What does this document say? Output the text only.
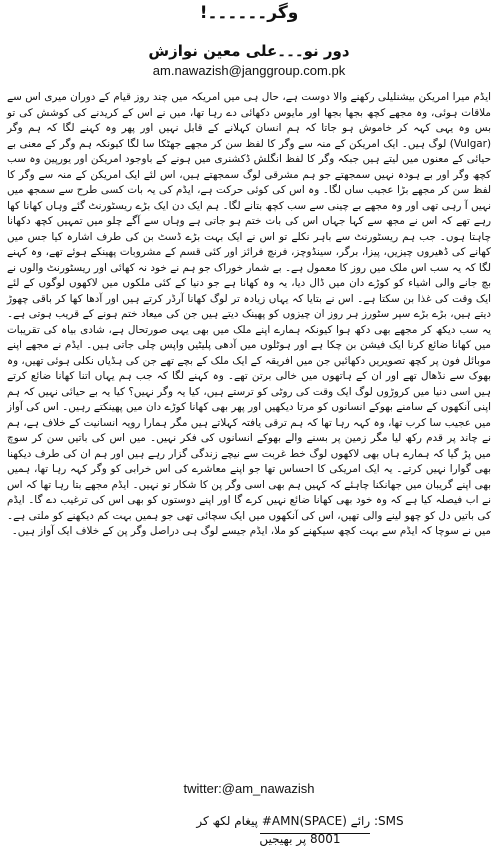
وگر۔۔۔۔۔۔!
دور نو۔۔۔علی معین نوازش
am.nawazish@janggroup.com.pk

ایڈم میرا امریکن بیشنلیلی رکھنے والا دوست ہے، حال ہی میں امریکہ میں چند روز قیام کے دوران میری اس سے ملاقات ہوئی، وہ مجھے کچھ بجھا بجھا اور مایوس دکھائی دے رہا تھا، میں نے اس کے کریدنے کی کوشش کی تو بس وہ یہی کہہ کر خاموش ہو جاتا کہ ہم انسان کہلانے کے قابل نہیں اور پھر وہ کہنے لگا کہ ہم وگر (Vulgar) لوگ ہیں۔ ایک امریکن کے منہ سے وگر کا لفظ سن کر مجھے جھٹکا سا لگا کیونکہ ہم وگر کے معنی بے حیائی کے معنوں میں لیتے ہیں جبکہ وگر کا لفظ انگلش ڈکشنری میں ہونے کے باوجود امریکن اور یورپین وہ سب کچھ وگر اور بے ہودہ نہیں سمجھتے جو ہم مشرقی لوگ سمجھتے ہیں، اس لئے ایک امریکن کے منہ سے وگر کا لفظ سن کر مجھے بڑا عجیب ساں لگا۔ وہ اس کی کوئی حرکت ہے، ایڈم کی یہ بات کسی طرح سے سمجھ میں نہیں آ رہی تھی اور وہ مجھے بے چینی سے سب کچھ بتانے لگا۔ ہم ایک دن ایک بڑے ریسٹورنٹ گئے وہاں کھانا کھا رہے تھے کہ اس نے مجھ سے کہا جہاں اس کی بات ختم ہو جاتی ہے وہاں سے آگے چلو میں تمہیں کچھ دکھانا چاہتا ہوں۔ جب ہم ریسٹورنٹ سے باہر نکلے تو اس نے ایک بہت بڑے ڈسٹ بن کی طرف اشارہ کیا جس میں کھانے کی ڈھیروں چیزیں، پیزا، برگر، سینڈوچز، فرنچ فرائز اور کئی قسم کے مشروبات پھینکے ہوئے تھے، وہ کہنے لگا کہ یہ سب اس ملک میں روز کا معمول ہے۔ بے شمار خوراک جو ہم نے خود نہ کھائی اور ریسٹورنٹ والوں نے بچ جانے والی اشیاء کو کوڑے دان میں ڈال دیا، یہ وہ کھانا ہے جو دنیا کے کئی ملکوں میں لاکھوں لوگوں کے لئے ایک وقت کی غذا بن سکتا ہے۔ اس نے بتایا کہ یہاں زیادہ تر لوگ کھانا آرڈر کرتے ہیں اور آدھا کھا کر باقی چھوڑ دیتے ہیں، بڑے بڑے سپر سٹورز ہر روز ان چیزوں کو پھینک دیتے ہیں جن کی میعاد ختم ہونے کے قریب ہوتی ہے۔ یہ سب دیکھ کر مجھے بھی دکھ ہوا کیونکہ ہمارے اپنے ملک میں بھی یہی صورتحال ہے، شادی بیاہ کی تقریبات میں کھانا ضائع کرنا ایک فیشن بن چکا ہے اور ہوٹلوں میں آدھی پلیٹیں واپس چلی جاتی ہیں۔ ایڈم نے مجھے اپنے موبائل فون پر کچھ تصویریں دکھائیں جن میں افریقہ کے ایک ملک کے بچے تھے جن کی ہڈیاں نکلی ہوئی تھیں، وہ بھوک سے نڈھال تھے اور ان کے ہاتھوں میں خالی برتن تھے۔ وہ کہنے لگا کہ جب ہم یہاں اتنا کھانا ضائع کرتے ہیں اسی دنیا میں کروڑوں لوگ ایک وقت کی روٹی کو ترستے ہیں، کیا یہ وگر نہیں؟ کیا یہ بے حیائی نہیں کہ ہم اپنی آنکھوں کے سامنے بھوکے انسانوں کو مرتا دیکھیں اور پھر بھی کھانا کوڑے دان میں پھینکتے رہیں۔ اس کی آواز میں عجیب سا کرب تھا، وہ کہہ رہا تھا کہ ہم ترقی یافتہ کہلاتے ہیں مگر ہمارا رویہ انسانیت کے خلاف ہے، ہم نے چاند پر قدم رکھ لیا مگر زمین پر بسنے والے بھوکے انسانوں کی فکر نہیں۔ میں اس کی باتیں سن کر سوچ میں پڑ گیا کہ ہمارے ہاں بھی لاکھوں لوگ خط غربت سے نیچے زندگی گزار رہے ہیں اور ہم ان کی طرف دیکھنا بھی گوارا نہیں کرتے۔ یہ ایک امریکی کا احساس تھا جو اپنے معاشرے کی اس خرابی کو وگر کہہ رہا تھا، ہمیں بھی اپنے گریبان میں جھانکنا چاہئے کہ کہیں ہم بھی اسی وگر پن کا شکار تو نہیں۔ ایڈم مجھے بتا رہا تھا کہ اس نے اب فیصلہ کیا ہے کہ وہ خود بھی کھانا ضائع نہیں کرے گا اور اپنے دوستوں کو بھی اس کی ترغیب دے گا۔ ایڈم کی باتیں دل کو چھو لینے والی تھیں، اس کی آنکھوں میں ایک سچائی تھی جو ہمیں بہت کم دیکھنے کو ملتی ہے۔ میں نے سوچا کہ ایڈم سے بہت کچھ سیکھنے کو ملا، ایڈم جیسے لوگ ہی دراصل وگر پن کے خلاف ایک آواز ہیں۔

twitter:@am_nawazish
SMS: رائے (SPACE)AMN# پیغام لکھ کر 8001 پر بھیجیں
